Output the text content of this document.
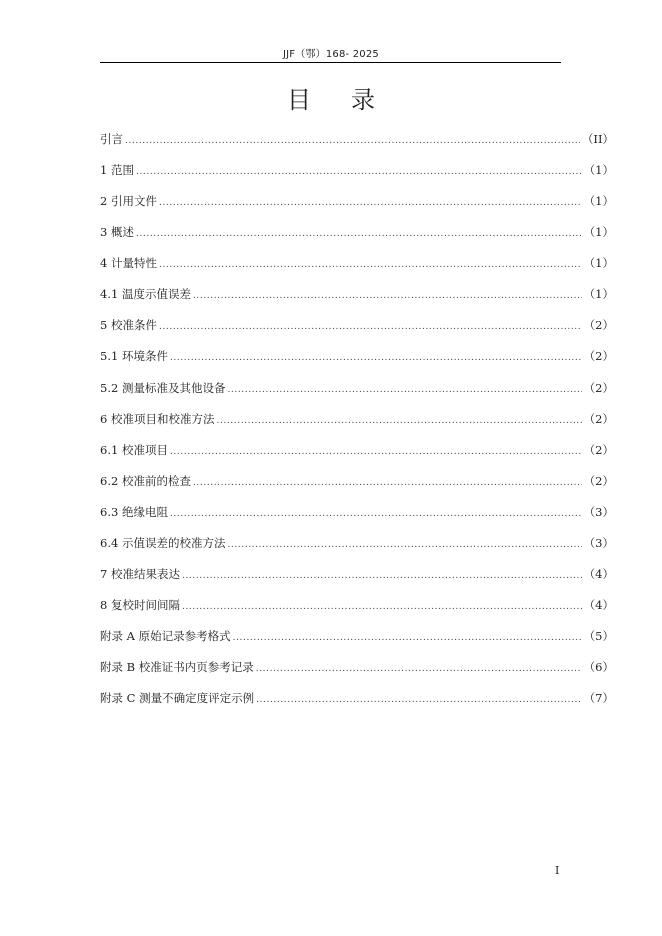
JJF（鄂）168- 2025
目录
引言 .....	（II）
1 范围 .....	（1）
2 引用文件 .....	（1）
3 概述 .....	（1）
4 计量特性 .....	（1）
4.1 温度示值误差 .....	（1）
5 校准条件 .....	（2）
5.1 环境条件 .....	（2）
5.2 测量标准及其他设备 .....	（2）
6 校准项目和校准方法 .....	（2）
6.1 校准项目 .....	（2）
6.2 校准前的检查 .....	（2）
6.3 绝缘电阻 .....	（3）
6.4 示值误差的校准方法 .....	（3）
7 校准结果表达 .....	（4）
8 复校时间间隔 .....	（4）
附录 A 原始记录参考格式 .....	（5）
附录 B 校准证书内页参考记录 .....	（6）
附录 C 测量不确定度评定示例 .....	（7）
I
